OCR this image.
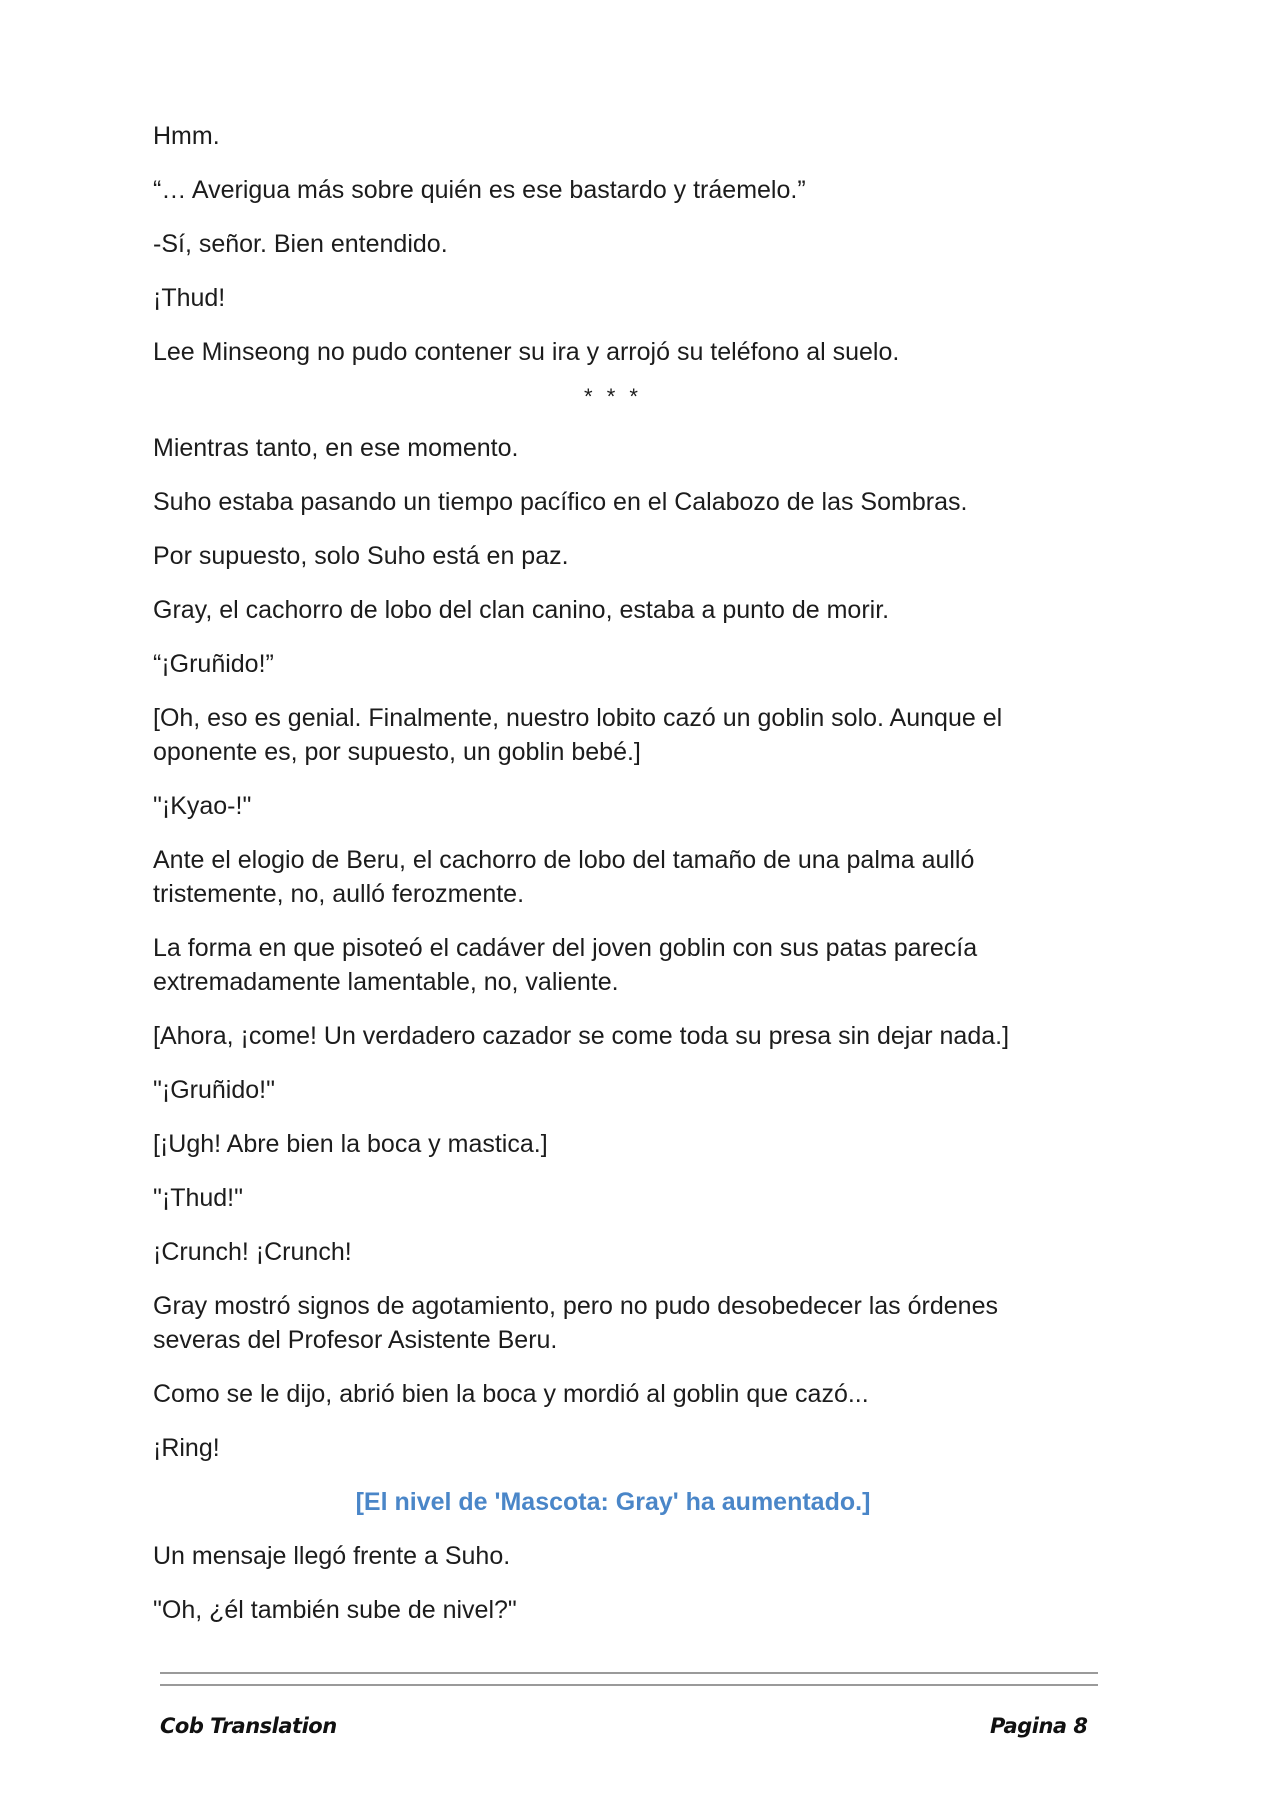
Hmm.

“… Averigua más sobre quién es ese bastardo y tráemelo.”

-Sí, señor. Bien entendido.

¡Thud!

Lee Minseong no pudo contener su ira y arrojó su teléfono al suelo.

* * *

Mientras tanto, en ese momento.

Suho estaba pasando un tiempo pacífico en el Calabozo de las Sombras.

Por supuesto, solo Suho está en paz.

Gray, el cachorro de lobo del clan canino, estaba a punto de morir.

“¡Gruñido!”

[Oh, eso es genial. Finalmente, nuestro lobito cazó un goblin solo. Aunque el oponente es, por supuesto, un goblin bebé.]

"¡Kyao-!"

Ante el elogio de Beru, el cachorro de lobo del tamaño de una palma aulló tristemente, no, aulló ferozmente.

La forma en que pisoteó el cadáver del joven goblin con sus patas parecía extremadamente lamentable, no, valiente.

[Ahora, ¡come! Un verdadero cazador se come toda su presa sin dejar nada.]

"¡Gruñido!"

[¡Ugh! Abre bien la boca y mastica.]

"¡Thud!"

¡Crunch! ¡Crunch!

Gray mostró signos de agotamiento, pero no pudo desobedecer las órdenes severas del Profesor Asistente Beru.

Como se le dijo, abrió bien la boca y mordió al goblin que cazó...

¡Ring!

[El nivel de 'Mascota: Gray' ha aumentado.]

Un mensaje llegó frente a Suho.

"Oh, ¿él también sube de nivel?"

Cob Translation	Pagina 8
